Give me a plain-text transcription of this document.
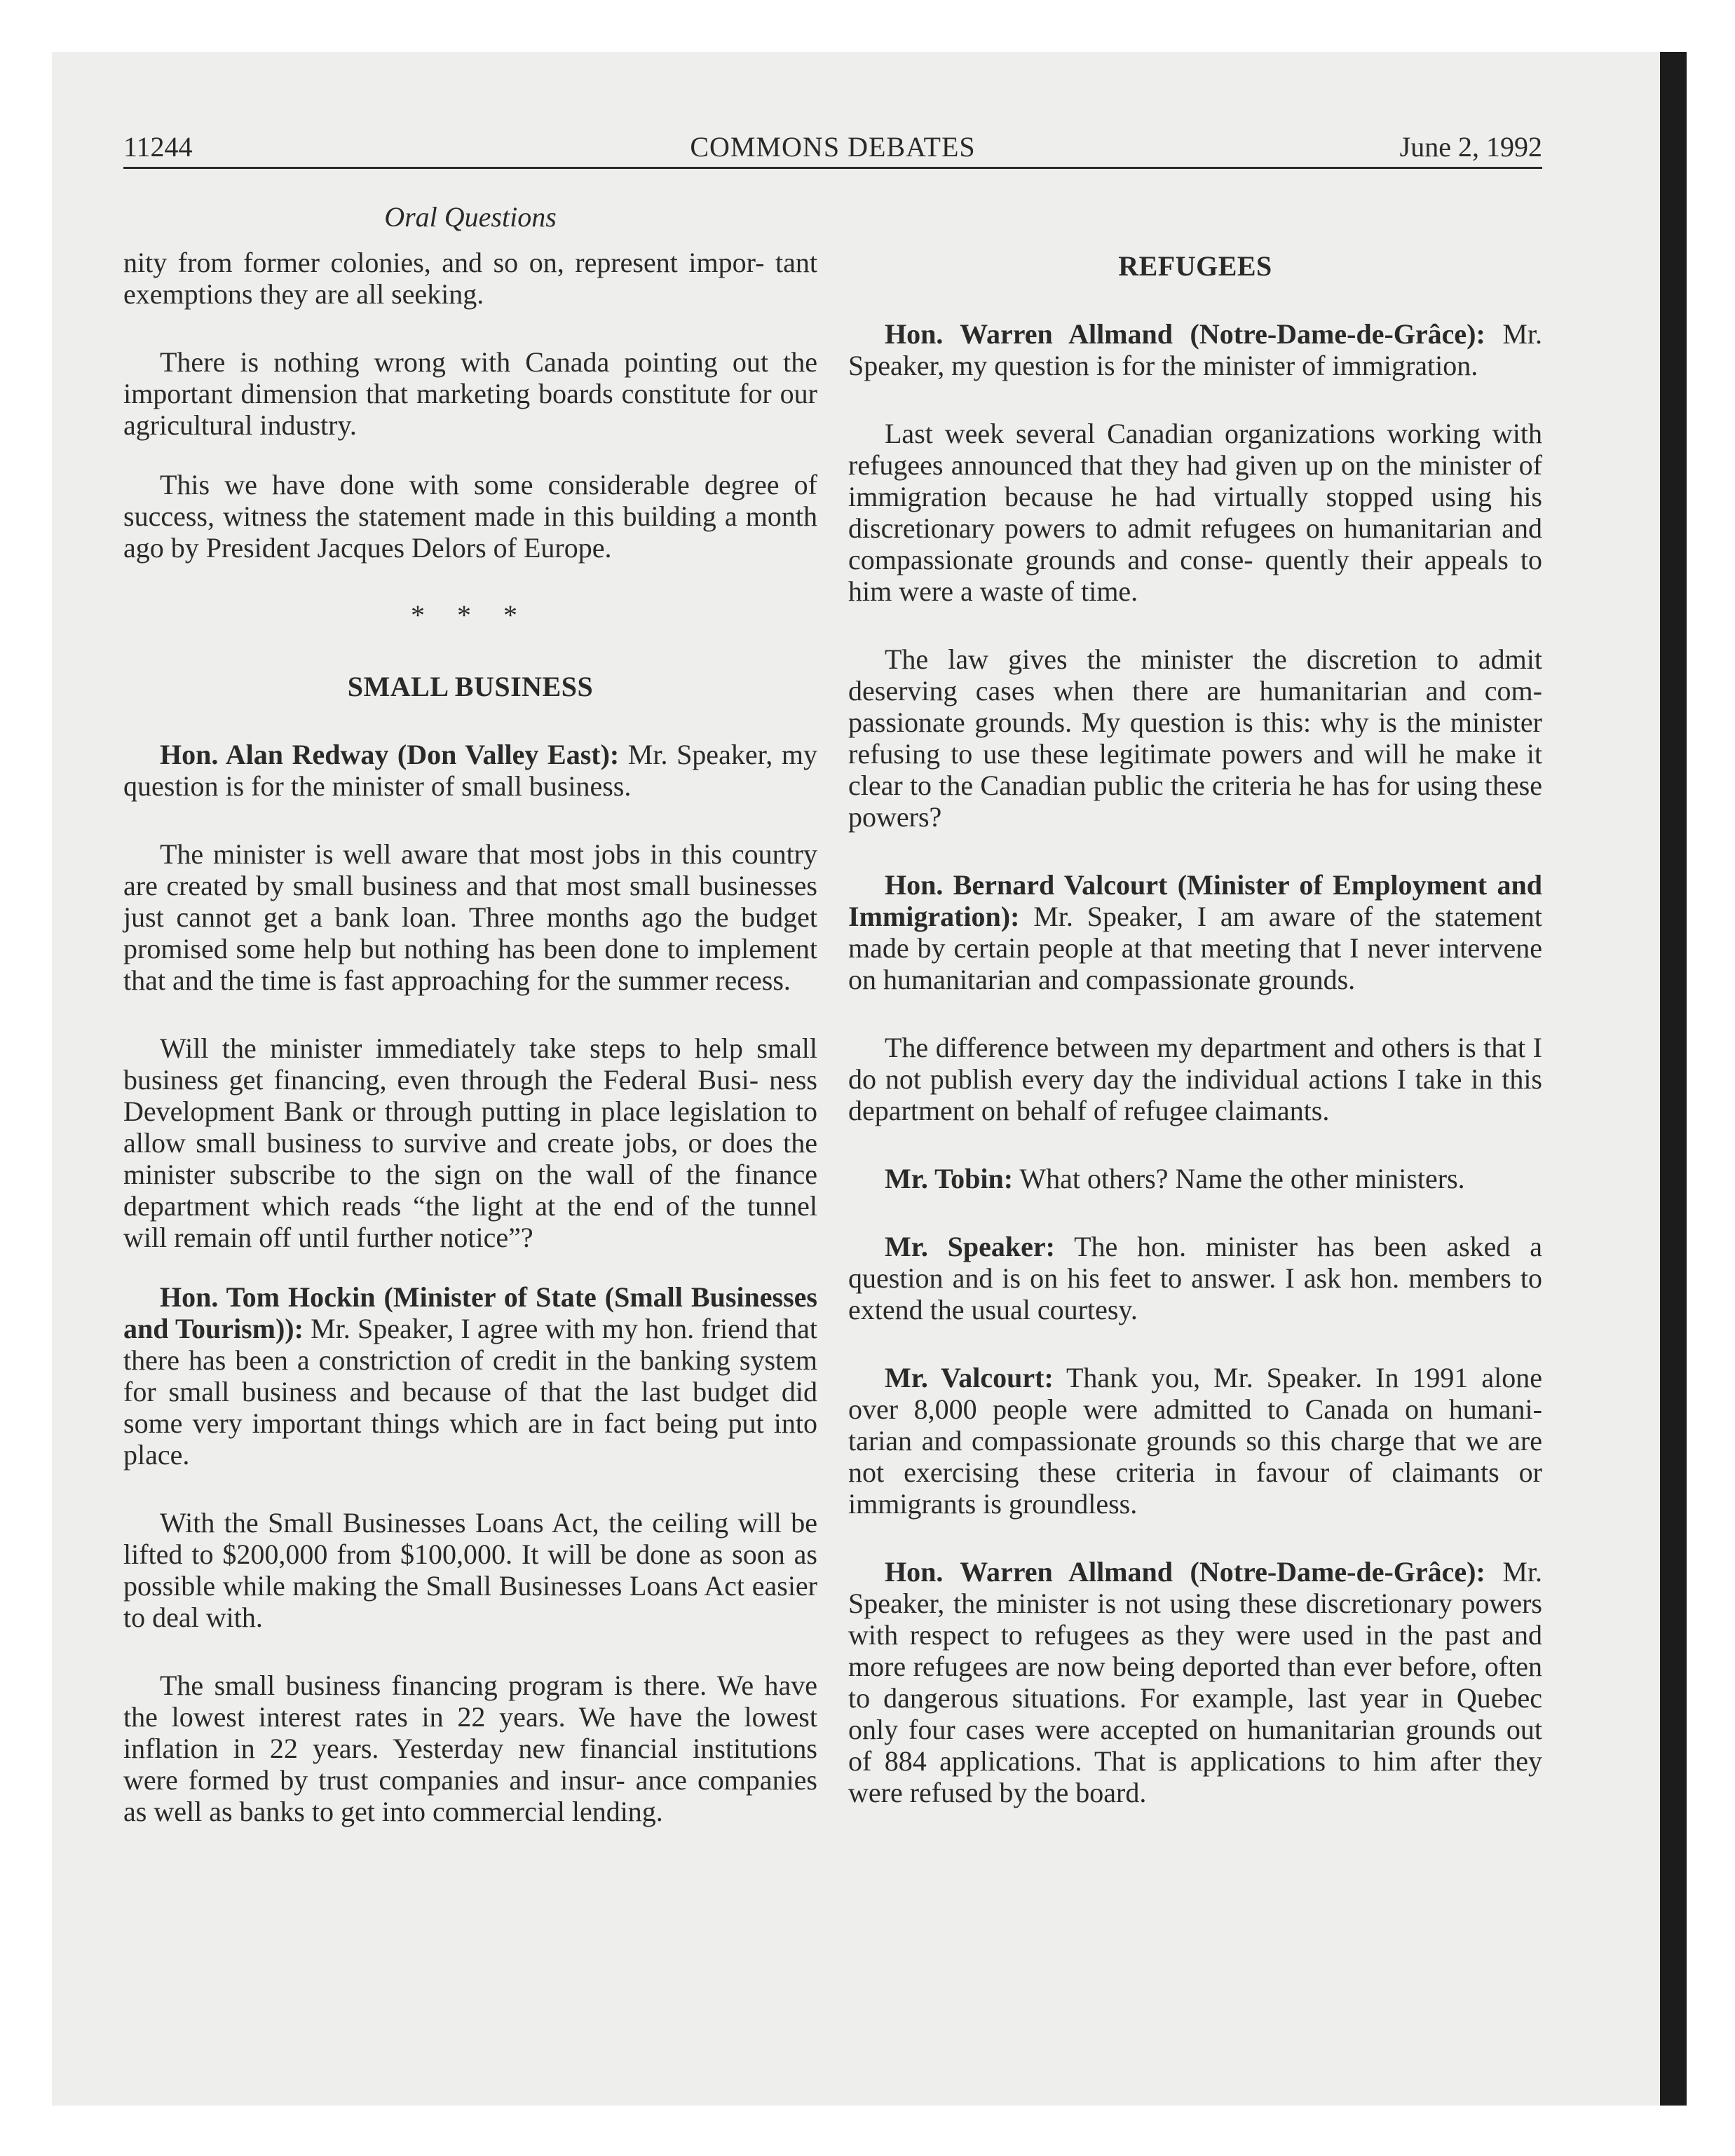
11244	COMMONS DEBATES	June 2, 1992
Oral Questions

nity from former colonies, and so on, represent impor- tant exemptions they are all seeking.

There is nothing wrong with Canada pointing out the important dimension that marketing boards constitute for our agricultural industry.

This we have done with some considerable degree of success, witness the statement made in this building a month ago by President Jacques Delors of Europe.

* * *
SMALL BUSINESS

Hon. Alan Redway (Don Valley East): Mr. Speaker, my question is for the minister of small business.

The minister is well aware that most jobs in this country are created by small business and that most small businesses just cannot get a bank loan. Three months ago the budget promised some help but nothing has been done to implement that and the time is fast approaching for the summer recess.

Will the minister immediately take steps to help small business get financing, even through the Federal Busi- ness Development Bank or through putting in place legislation to allow small business to survive and create jobs, or does the minister subscribe to the sign on the wall of the finance department which reads “the light at the end of the tunnel will remain off until further notice”?

Hon. Tom Hockin (Minister of State (Small Businesses and Tourism)): Mr. Speaker, I agree with my hon. friend that there has been a constriction of credit in the banking system for small business and because of that the last budget did some very important things which are in fact being put into place.

With the Small Businesses Loans Act, the ceiling will be lifted to $200,000 from $100,000. It will be done as soon as possible while making the Small Businesses Loans Act easier to deal with.

The small business financing program is there. We have the lowest interest rates in 22 years. We have the lowest inflation in 22 years. Yesterday new financial institutions were formed by trust companies and insur- ance companies as well as banks to get into commercial lending.

REFUGEES

Hon. Warren Allmand (Notre-Dame-de-Grâce): Mr. Speaker, my question is for the minister of immigration.

Last week several Canadian organizations working with refugees announced that they had given up on the minister of immigration because he had virtually stopped using his discretionary powers to admit refugees on humanitarian and compassionate grounds and conse- quently their appeals to him were a waste of time.

The law gives the minister the discretion to admit deserving cases when there are humanitarian and com- passionate grounds. My question is this: why is the minister refusing to use these legitimate powers and will he make it clear to the Canadian public the criteria he has for using these powers?

Hon. Bernard Valcourt (Minister of Employment and Immigration): Mr. Speaker, I am aware of the statement made by certain people at that meeting that I never intervene on humanitarian and compassionate grounds.

The difference between my department and others is that I do not publish every day the individual actions I take in this department on behalf of refugee claimants.

Mr. Tobin: What others? Name the other ministers.

Mr. Speaker: The hon. minister has been asked a question and is on his feet to answer. I ask hon. members to extend the usual courtesy.

Mr. Valcourt: Thank you, Mr. Speaker. In 1991 alone over 8,000 people were admitted to Canada on humani- tarian and compassionate grounds so this charge that we are not exercising these criteria in favour of claimants or immigrants is groundless.

Hon. Warren Allmand (Notre-Dame-de-Grâce): Mr. Speaker, the minister is not using these discretionary powers with respect to refugees as they were used in the past and more refugees are now being deported than ever before, often to dangerous situations. For example, last year in Quebec only four cases were accepted on humanitarian grounds out of 884 applications. That is applications to him after they were refused by the board.
